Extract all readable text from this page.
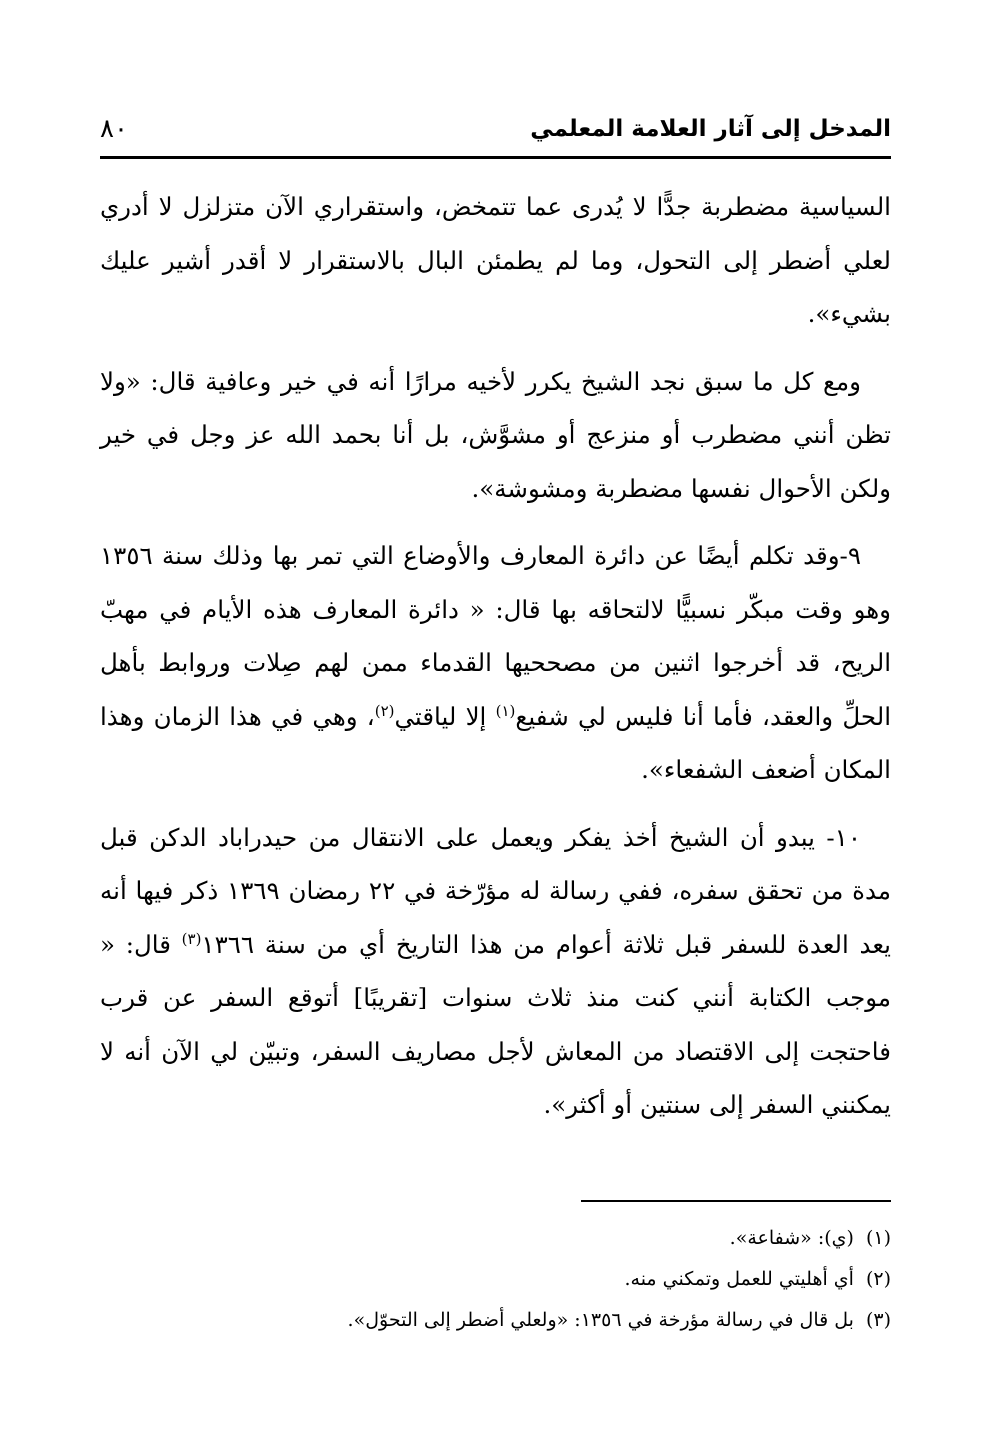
المدخل إلى آثار العلامة المعلمي
٨٠

السياسية مضطربة جدًّا لا يُدرى عما تتمخض، واستقراري الآن متزلزل لا أدري لعلي أضطر إلى التحول، وما لم يطمئن البال بالاستقرار لا أقدر أشير عليك بشيء».

ومع كل ما سبق نجد الشيخ يكرر لأخيه مرارًا أنه في خير وعافية قال: «ولا تظن أنني مضطرب أو منزعج أو مشوَّش، بل أنا بحمد الله عز وجل في خير ولكن الأحوال نفسها مضطربة ومشوشة».

٩-وقد تكلم أيضًا عن دائرة المعارف والأوضاع التي تمر بها وذلك سنة ١٣٥٦ وهو وقت مبكّر نسبيًّا لالتحاقه بها قال: « دائرة المعارف هذه الأيام في مهبّ الريح، قد أخرجوا اثنين من مصححيها القدماء ممن لهم صِلات وروابط بأهل الحلِّ والعقد، فأما أنا فليس لي شفيع$^{(١)}$ إلا لياقتي$^{(٢)}$، وهي في هذا الزمان وهذا المكان أضعف الشفعاء».

١٠- يبدو أن الشيخ أخذ يفكر ويعمل على الانتقال من حيدراباد الدكن قبل مدة من تحقق سفره، ففي رسالة له مؤرّخة في ٢٢ رمضان ١٣٦٩ ذكر فيها أنه يعد العدة للسفر قبل ثلاثة أعوام من هذا التاريخ أي من سنة ١٣٦٦$^{(٣)}$ قال: « موجب الكتابة أنني كنت منذ ثلاث سنوات [تقريبًا] أتوقع السفر عن قرب فاحتجت إلى الاقتصاد من المعاش لأجل مصاريف السفر، وتبيّن لي الآن أنه لا يمكنني السفر إلى سنتين أو أكثر».

(١)(ي): «شفاعة».
(٢)أي أهليتي للعمل وتمكني منه.
(٣)بل قال في رسالة مؤرخة في ١٣٥٦: «ولعلي أضطر إلى التحوّل».
